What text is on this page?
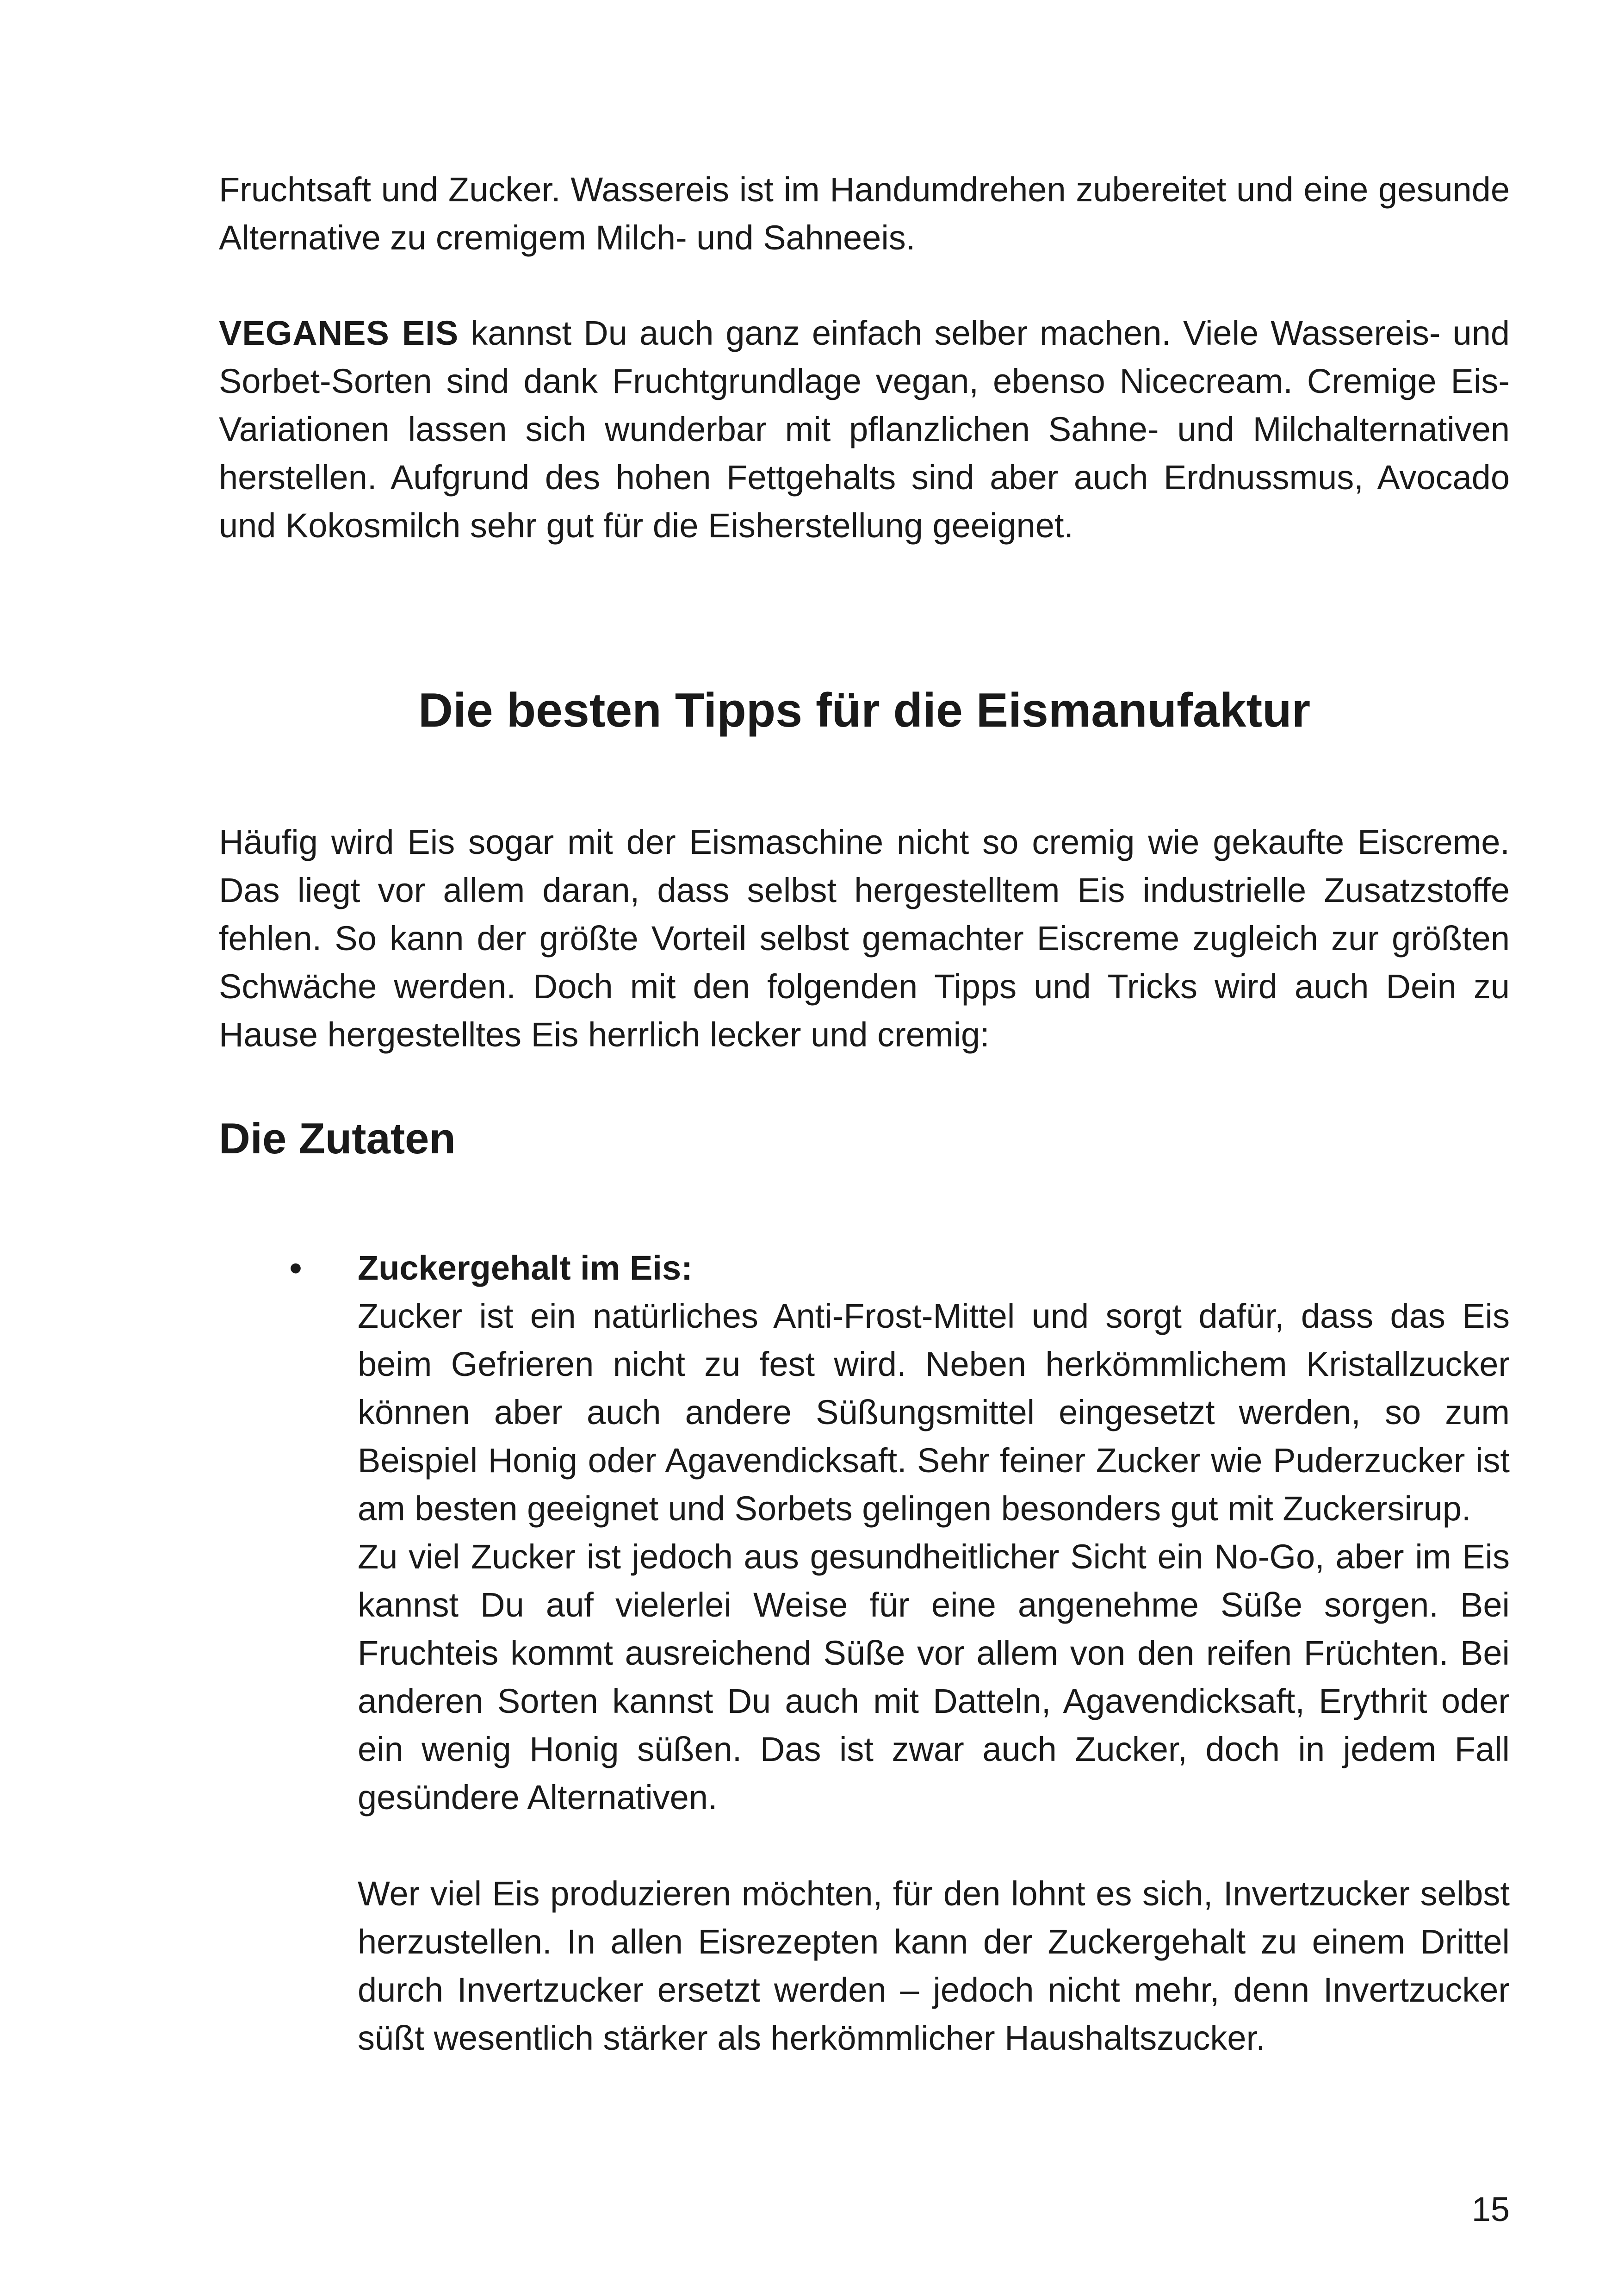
Fruchtsaft und Zucker. Wassereis ist im Handumdrehen zubereitet und eine gesunde Alternative zu cremigem Milch- und Sahneeis.

VEGANES EIS kannst Du auch ganz einfach selber machen. Viele Wassereis- und Sorbet-Sorten sind dank Fruchtgrundlage vegan, ebenso Nicecream. Cremige Eis-Variationen lassen sich wunderbar mit pflanzlichen Sahne- und Milchalternativen herstellen. Aufgrund des hohen Fettgehalts sind aber auch Erdnussmus, Avocado und Kokosmilch sehr gut für die Eisherstellung geeignet.

Die besten Tipps für die Eismanufaktur

Häufig wird Eis sogar mit der Eismaschine nicht so cremig wie gekaufte Eiscreme. Das liegt vor allem daran, dass selbst hergestelltem Eis industrielle Zusatzstoffe fehlen. So kann der größte Vorteil selbst gemachter Eiscreme zugleich zur größten Schwäche werden. Doch mit den folgenden Tipps und Tricks wird auch Dein zu Hause hergestelltes Eis herrlich lecker und cremig:

Die Zutaten
• Zuckergehalt im Eis:

Zucker ist ein natürliches Anti-Frost-Mittel und sorgt dafür, dass das Eis beim Gefrieren nicht zu fest wird. Neben herkömmlichem Kristallzucker können aber auch andere Süßungsmittel eingesetzt werden, so zum Beispiel Honig oder Agavendicksaft. Sehr feiner Zucker wie Puderzucker ist am besten geeignet und Sorbets gelingen besonders gut mit Zuckersirup.

Zu viel Zucker ist jedoch aus gesundheitlicher Sicht ein No-Go, aber im Eis kannst Du auf vielerlei Weise für eine angenehme Süße sorgen. Bei Fruchteis kommt ausreichend Süße vor allem von den reifen Früchten. Bei anderen Sorten kannst Du auch mit Datteln, Agavendicksaft, Erythrit oder ein wenig Honig süßen. Das ist zwar auch Zucker, doch in jedem Fall gesündere Alternativen.

Wer viel Eis produzieren möchten, für den lohnt es sich, Invertzucker selbst herzustellen. In allen Eisrezepten kann der Zuckergehalt zu einem Drittel durch Invertzucker ersetzt werden – jedoch nicht mehr, denn Invertzucker süßt wesentlich stärker als herkömmlicher Haushaltszucker.

15
